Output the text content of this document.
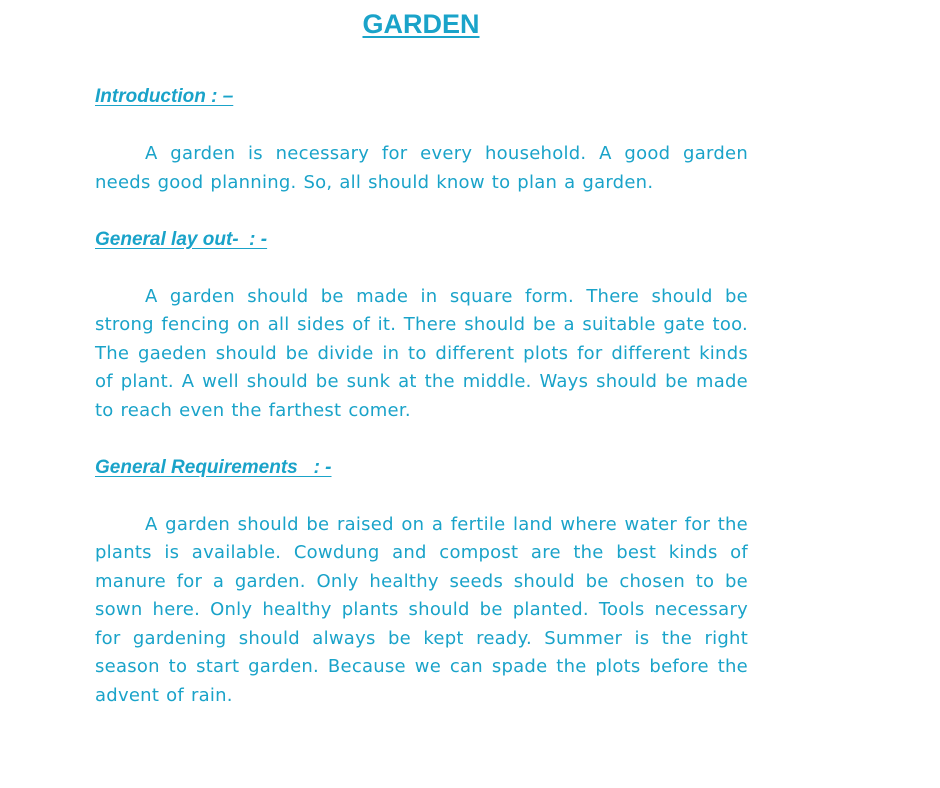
GARDEN
Introduction : –

A garden is necessary for every household. A good garden needs good planning. So, all should know to plan a garden.

General lay out-  : -

A garden should be made in square form. There should be strong fencing on all sides of it. There should be a suitable gate too. The gaeden should be divide in to different plots for different kinds of plant. A well should be sunk at the middle. Ways should be made to reach even the farthest comer.

General Requirements   : -

A garden should be raised on a fertile land where water for the plants is available. Cowdung and compost are the best kinds of manure for a garden. Only healthy seeds should be chosen to be sown here. Only healthy plants should be planted. Tools necessary for gardening should always be kept ready. Summer is the right season to start garden. Because we can spade the plots before the advent of rain.
